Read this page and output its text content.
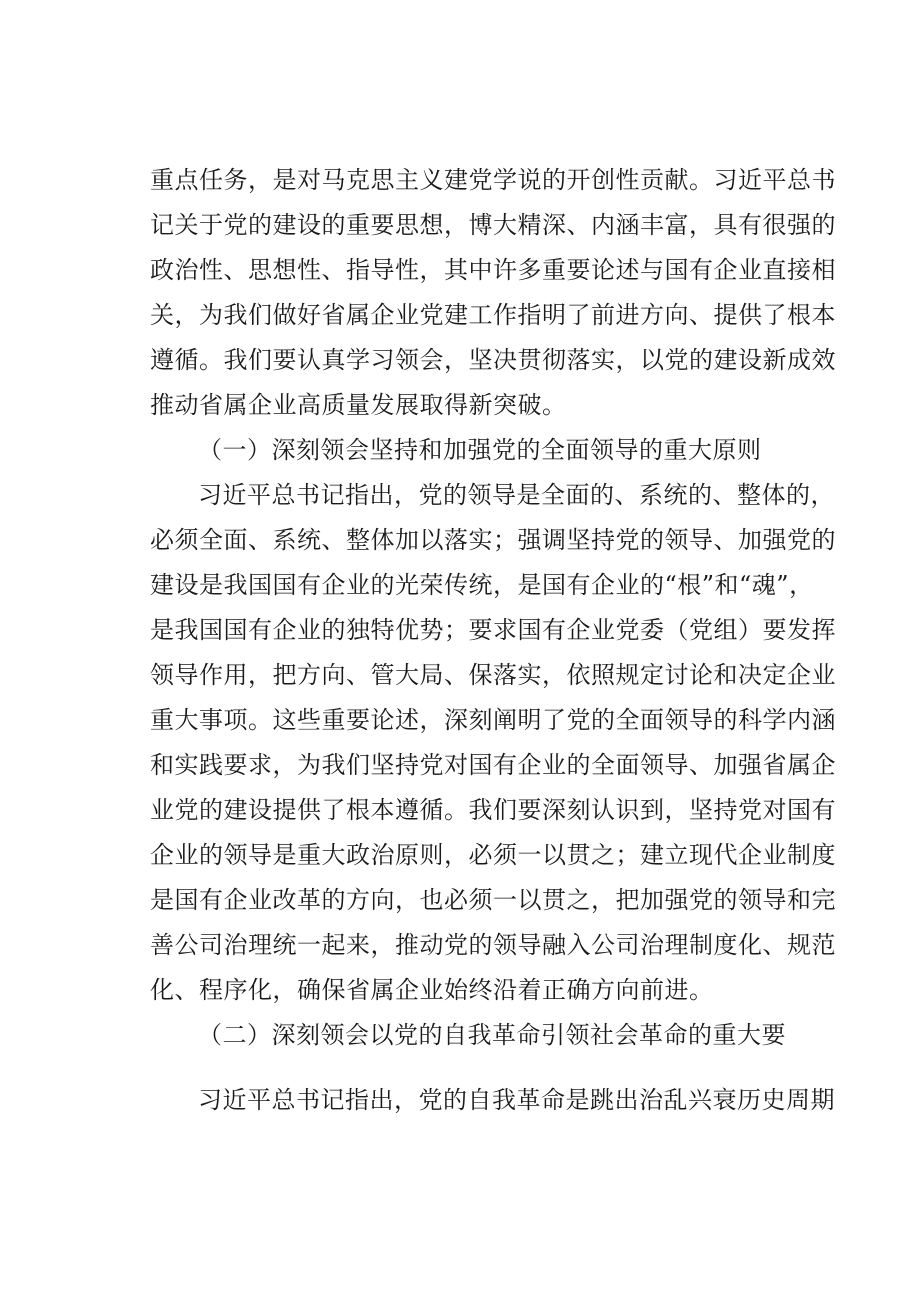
重点任务，是对马克思主义建党学说的开创性贡献。习近平总书
记关于党的建设的重要思想，博大精深、内涵丰富，具有很强的
政治性、思想性、指导性，其中许多重要论述与国有企业直接相
关，为我们做好省属企业党建工作指明了前进方向、提供了根本
遵循。我们要认真学习领会，坚决贯彻落实，以党的建设新成效
推动省属企业高质量发展取得新突破。
（一）深刻领会坚持和加强党的全面领导的重大原则
习近平总书记指出，党的领导是全面的、系统的、整体的，
必须全面、系统、整体加以落实；强调坚持党的领导、加强党的
建设是我国国有企业的光荣传统，是国有企业的“根”和“魂”，
是我国国有企业的独特优势；要求国有企业党委（党组）要发挥
领导作用，把方向、管大局、保落实，依照规定讨论和决定企业
重大事项。这些重要论述，深刻阐明了党的全面领导的科学内涵
和实践要求，为我们坚持党对国有企业的全面领导、加强省属企
业党的建设提供了根本遵循。我们要深刻认识到，坚持党对国有
企业的领导是重大政治原则，必须一以贯之；建立现代企业制度
是国有企业改革的方向，也必须一以贯之，把加强党的领导和完
善公司治理统一起来，推动党的领导融入公司治理制度化、规范
化、程序化，确保省属企业始终沿着正确方向前进。
（二）深刻领会以党的自我革命引领社会革命的重大要
习近平总书记指出，党的自我革命是跳出治乱兴衰历史周期
